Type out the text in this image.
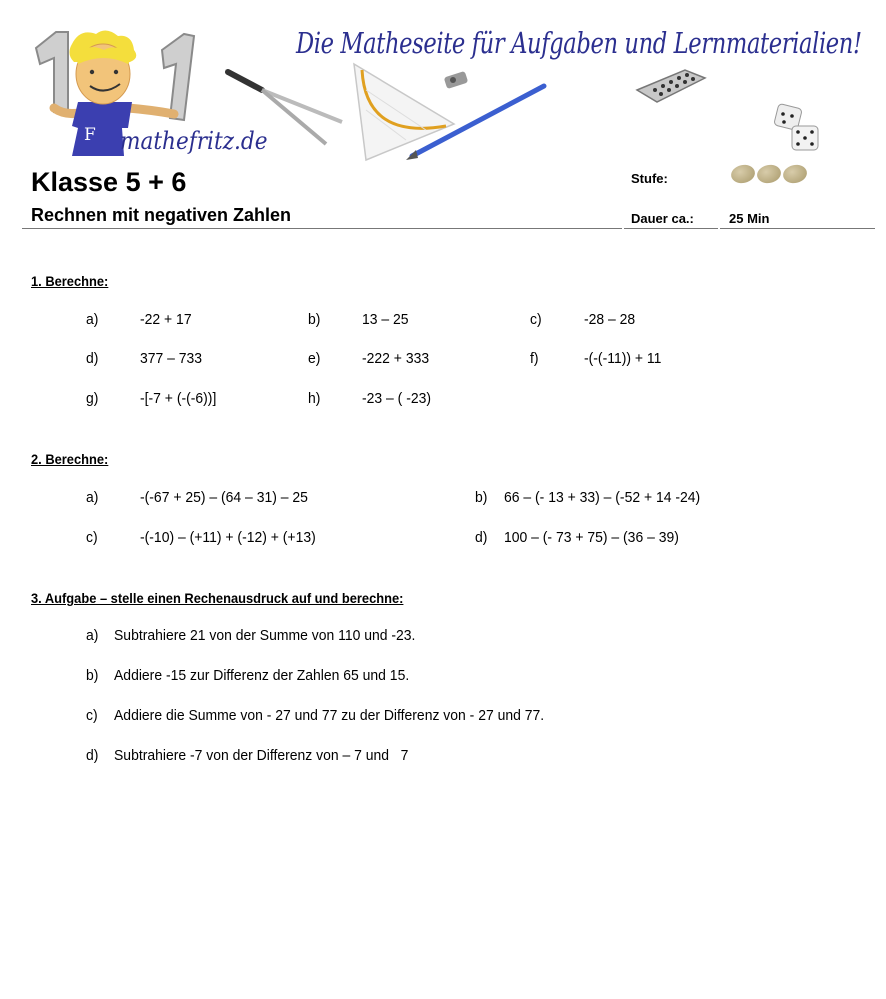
F mathefritz.de
Die Matheseite für Aufgaben und Lernmaterialien!
Klasse 5 + 6
Rechnen mit negativen Zahlen
Stufe:
Dauer ca.:	25 Min
1. Berechne:
a)	-22 + 17	b)	13 – 25	c)	-28 – 28
d)	377 – 733	e)	-222 + 333	f)	-(-(-11)) + 11
g)	-[-7 + (-(-6))]	h)	-23 – ( -23)
2. Berechne:
a)	-(-67 + 25) – (64 – 31) – 25	b) 66 – (- 13 + 33) – (-52 + 14 -24)
c)	-(-10) – (+11) + (-12) + (+13)	d) 100 – (- 73 + 75) – (36 – 39)
3. Aufgabe – stelle einen Rechenausdruck auf und berechne:
a) Subtrahiere 21 von der Summe von 110 und -23.
b) Addiere -15 zur Differenz der Zahlen 65 und 15.
c) Addiere die Summe von - 27 und 77 zu der Differenz von - 27 und 77.
d) Subtrahiere -7 von der Differenz von – 7 und   7
